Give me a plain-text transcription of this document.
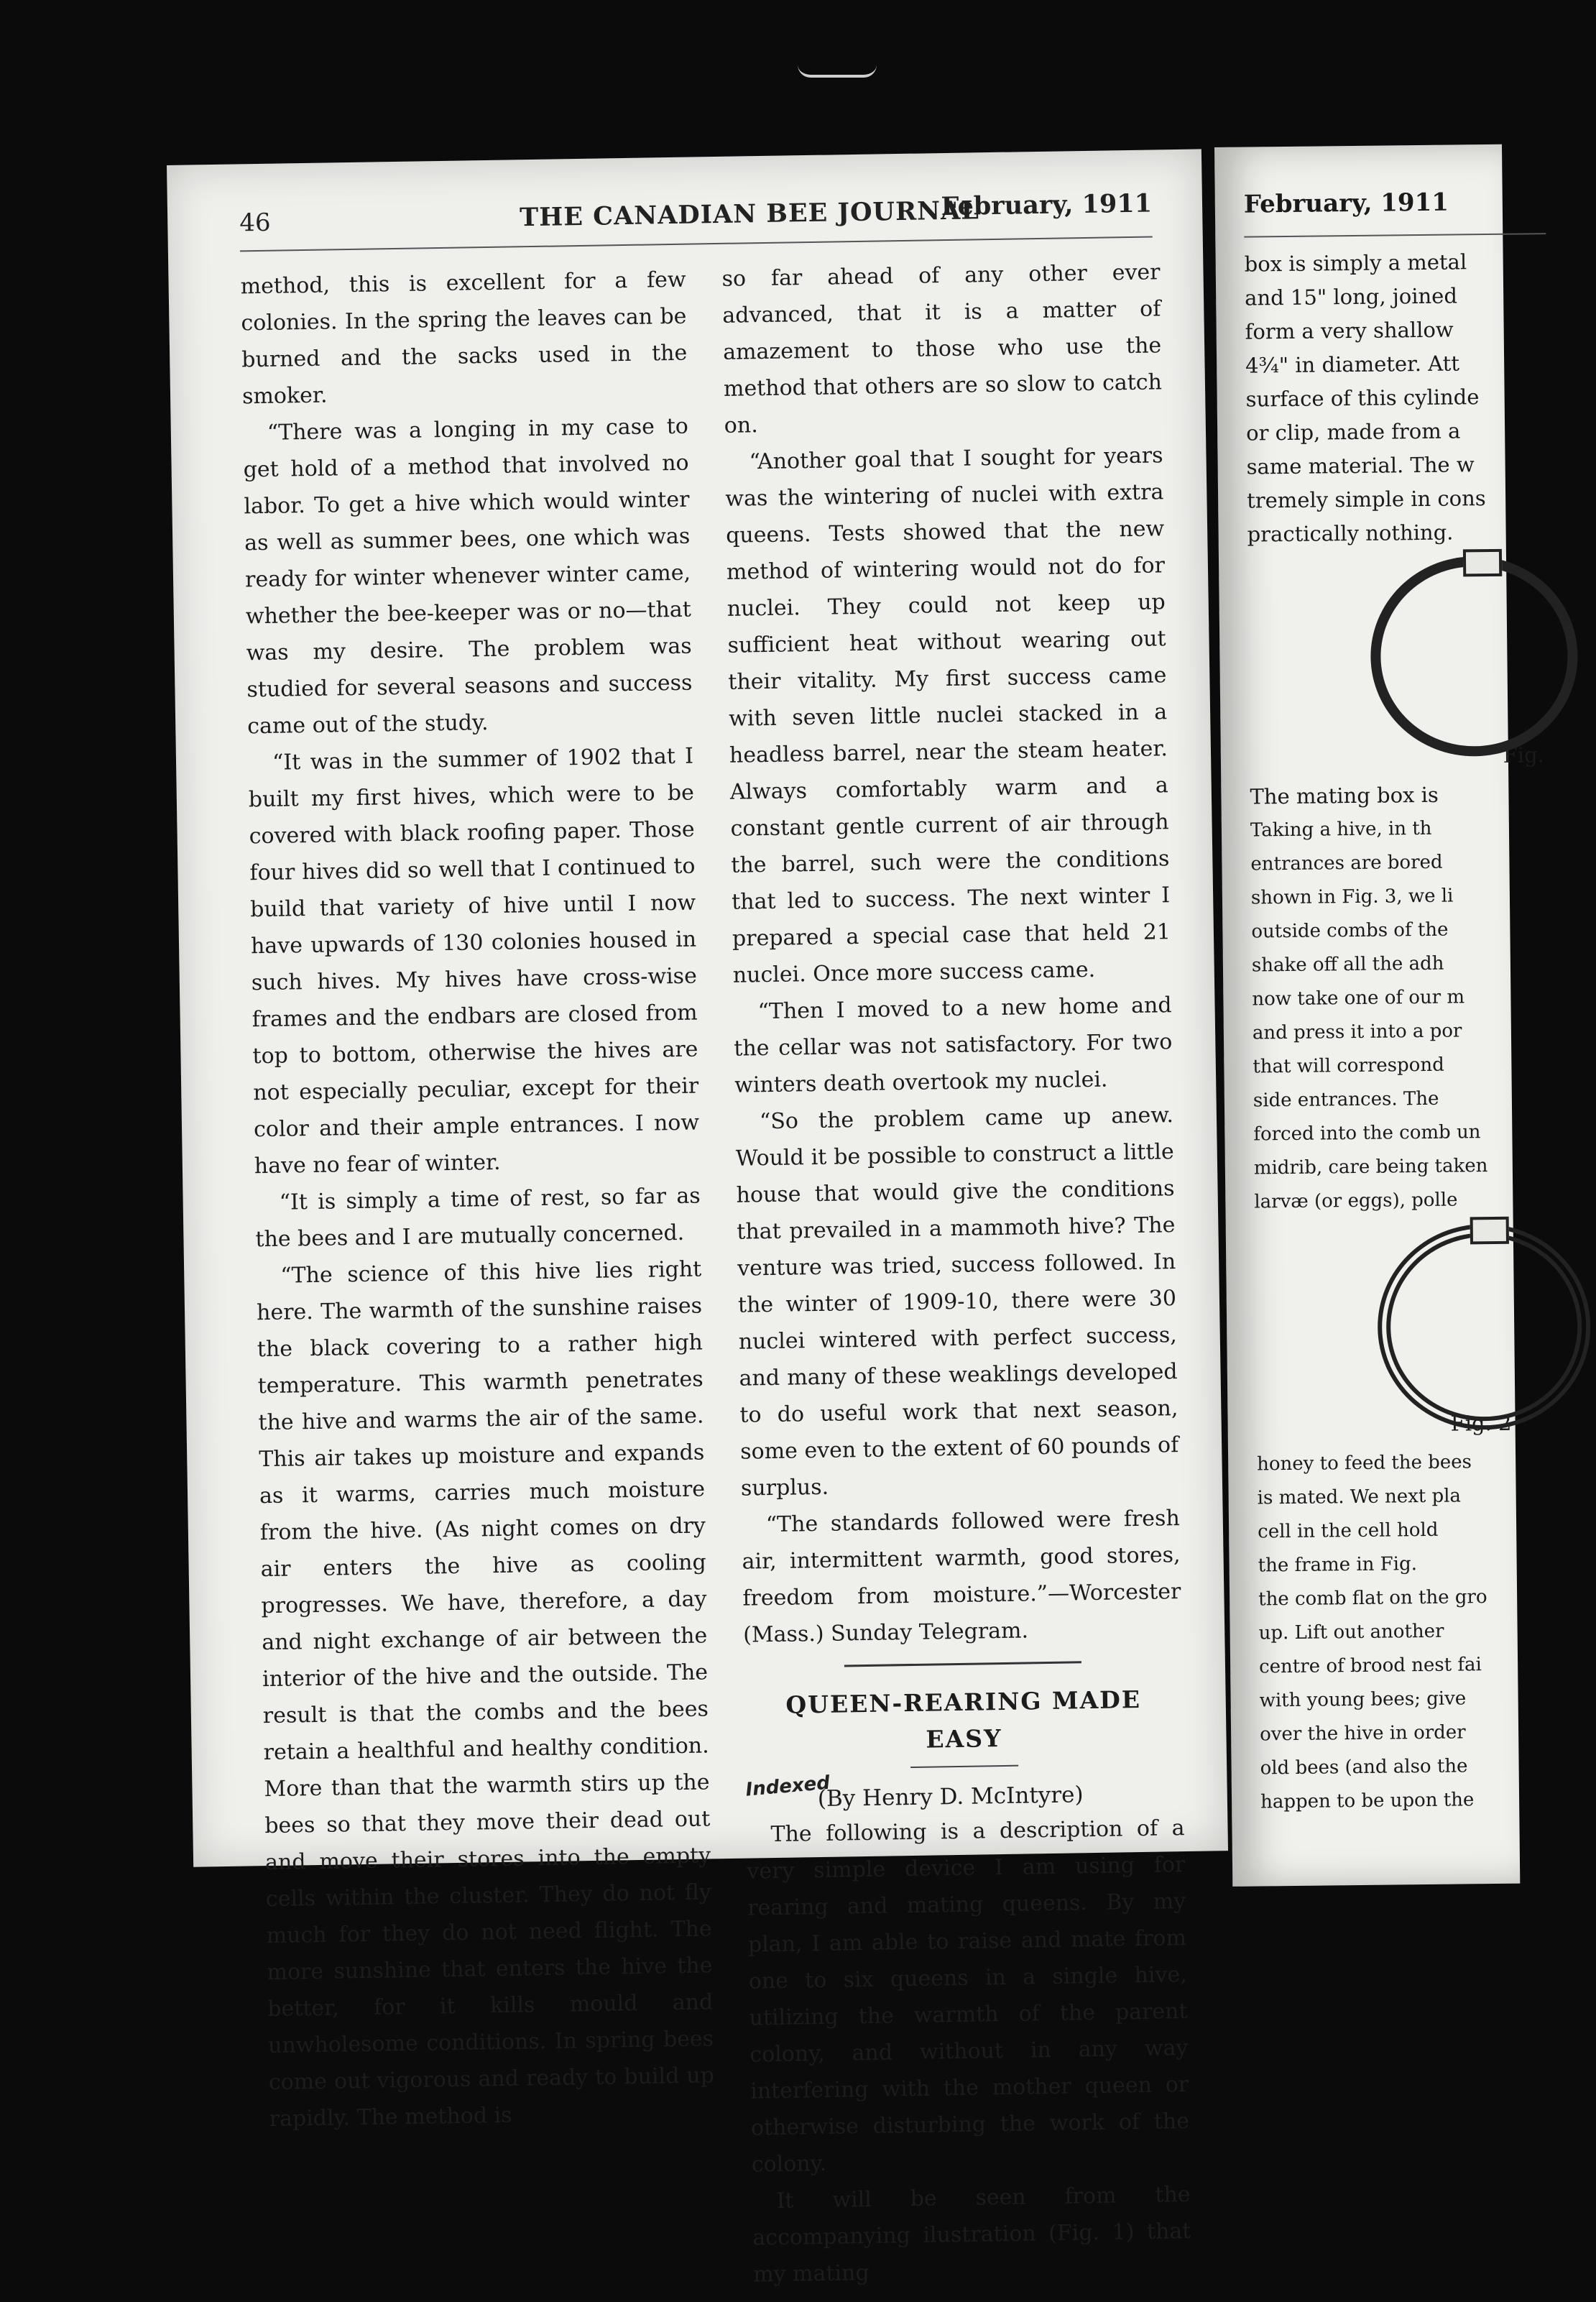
46	THE CANADIAN BEE JOURNAL
February, 1911

method, this is excellent for a few colonies. In the spring the leaves can be burned and the sacks used in the smoker.

“There was a longing in my case to get hold of a method that involved no labor. To get a hive which would winter as well as summer bees, one which was ready for winter whenever winter came, whether the bee-keeper was or no—that was my desire. The problem was studied for several seasons and success came out of the study.

“It was in the summer of 1902 that I built my first hives, which were to be covered with black roofing paper. Those four hives did so well that I continued to build that variety of hive until I now have upwards of 130 colonies housed in such hives. My hives have cross-wise frames and the endbars are closed from top to bottom, otherwise the hives are not especially peculiar, except for their color and their ample entrances. I now have no fear of winter.

“It is simply a time of rest, so far as the bees and I are mutually concerned.

“The science of this hive lies right here. The warmth of the sunshine raises the black covering to a rather high temperature. This warmth penetrates the hive and warms the air of the same. This air takes up moisture and expands as it warms, carries much moisture from the hive. (As night comes on dry air enters the hive as cooling progresses. We have, therefore, a day and night exchange of air between the interior of the hive and the outside. The result is that the combs and the bees retain a healthful and healthy condition. More than that the warmth stirs up the bees so that they move their dead out and move their stores into the empty cells within the cluster. They do not fly much for they do not need flight. The more sunshine that enters the hive the better, for it kills mould and unwholesome conditions. In spring bees come out vigorous and ready to build up rapidly. The method is

so far ahead of any other ever advanced, that it is a matter of amazement to those who use the method that others are so slow to catch on.

“Another goal that I sought for years was the wintering of nuclei with extra queens. Tests showed that the new method of wintering would not do for nuclei. They could not keep up sufficient heat without wearing out their vitality. My first success came with seven little nuclei stacked in a headless barrel, near the steam heater. Always comfortably warm and a constant gentle current of air through the barrel, such were the conditions that led to success. The next winter I prepared a special case that held 21 nuclei. Once more success came.

“Then I moved to a new home and the cellar was not satisfactory. For two winters death overtook my nuclei.

“So the problem came up anew. Would it be possible to construct a little house that would give the conditions that prevailed in a mammoth hive? The venture was tried, success followed. In the winter of 1909-10, there were 30 nuclei wintered with perfect success, and many of these weaklings developed to do useful work that next season, some even to the extent of 60 pounds of surplus.

“The standards followed were fresh air, intermittent warmth, good stores, freedom from moisture.”—Worcester (Mass.) Sunday Telegram.

QUEEN-REARING MADE EASY
Indexed
(By Henry D. McIntyre)

The following is a description of a very simple device I am using for rearing and mating queens. By my plan, I am able to raise and mate from one to six queens in a single hive, utilizing the warmth of the parent colony, and without in any way interfering with the mother queen or otherwise disturbing the work of the colony.

It will be seen from the accompanying ilustration (Fig. 1) that my mating

February, 1911
box is simply a metal
and 15" long, joined
form a very shallow
4¾" in diameter. Att
surface of this cylinde
or clip, made from a
same material. The w
tremely simple in cons
practically nothing.
Fig.
The mating box is
Taking a hive, in th
entrances are bored
shown in Fig. 3, we li
outside combs of the
shake off all the adh
now take one of our m
and press it into a por
that will correspond
side entrances. The
forced into the comb un
midrib, care being taken
larvæ (or eggs), polle
Fig. 2
honey to feed the bees
is mated. We next pla
cell in the cell hold
the frame in Fig.
the comb flat on the gro
up. Lift out another
centre of brood nest fai
with young bees; give
over the hive in order
old bees (and also the
happen to be upon the
